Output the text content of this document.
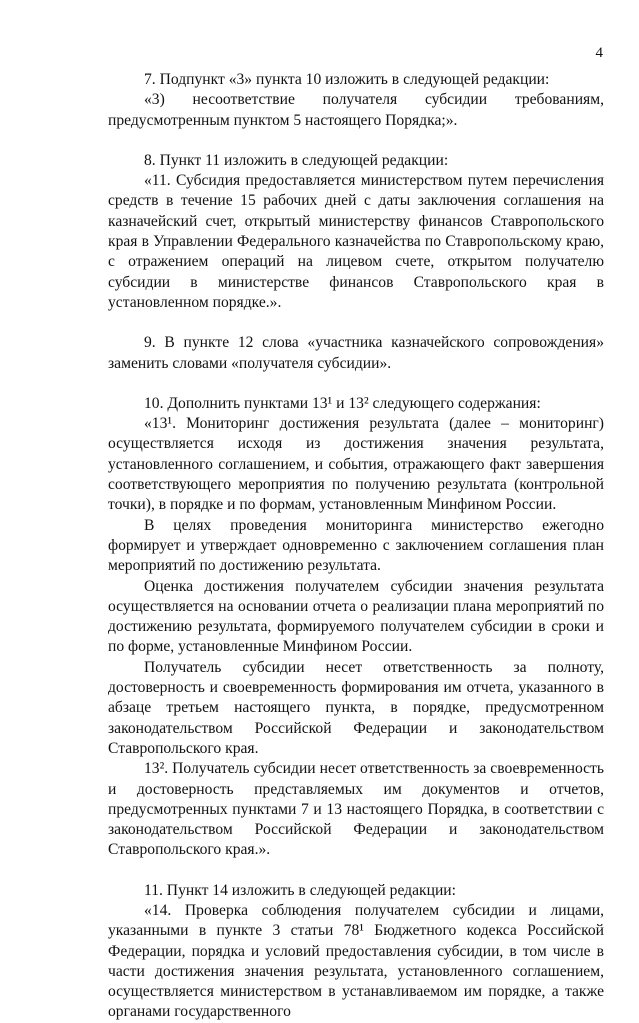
4

7. Подпункт «3» пункта 10 изложить в следующей редакции:

«3) несоответствие получателя субсидии требованиям, предусмотренным пунктом 5 настоящего Порядка;».

8. Пункт 11 изложить в следующей редакции:

«11. Субсидия предоставляется министерством путем перечисления средств в течение 15 рабочих дней с даты заключения соглашения на казначейский счет, открытый министерству финансов Ставропольского края в Управлении Федерального казначейства по Ставропольскому краю, с отражением операций на лицевом счете, открытом получателю субсидии в министерстве финансов Ставропольского края в установленном порядке.».

9. В пункте 12 слова «участника казначейского сопровождения» заменить словами «получателя субсидии».

10. Дополнить пунктами 13¹ и 13² следующего содержания:

«13¹. Мониторинг достижения результата (далее – мониторинг) осуществляется исходя из достижения значения результата, установленного соглашением, и события, отражающего факт завершения соответствующего мероприятия по получению результата (контрольной точки), в порядке и по формам, установленным Минфином России.

В целях проведения мониторинга министерство ежегодно формирует и утверждает одновременно с заключением соглашения план мероприятий по достижению результата.

Оценка достижения получателем субсидии значения результата осуществляется на основании отчета о реализации плана мероприятий по достижению результата, формируемого получателем субсидии в сроки и по форме, установленные Минфином России.

Получатель субсидии несет ответственность за полноту, достоверность и своевременность формирования им отчета, указанного в абзаце третьем настоящего пункта, в порядке, предусмотренном законодательством Российской Федерации и законодательством Ставропольского края.

13². Получатель субсидии несет ответственность за своевременность и достоверность представляемых им документов и отчетов, предусмотренных пунктами 7 и 13 настоящего Порядка, в соответствии с законодательством Российской Федерации и законодательством Ставропольского края.».

11. Пункт 14 изложить в следующей редакции:

«14. Проверка соблюдения получателем субсидии и лицами, указанными в пункте 3 статьи 78¹ Бюджетного кодекса Российской Федерации, порядка и условий предоставления субсидии, в том числе в части достижения значения результата, установленного соглашением, осуществляется министерством в устанавливаемом им порядке, а также органами государственного
